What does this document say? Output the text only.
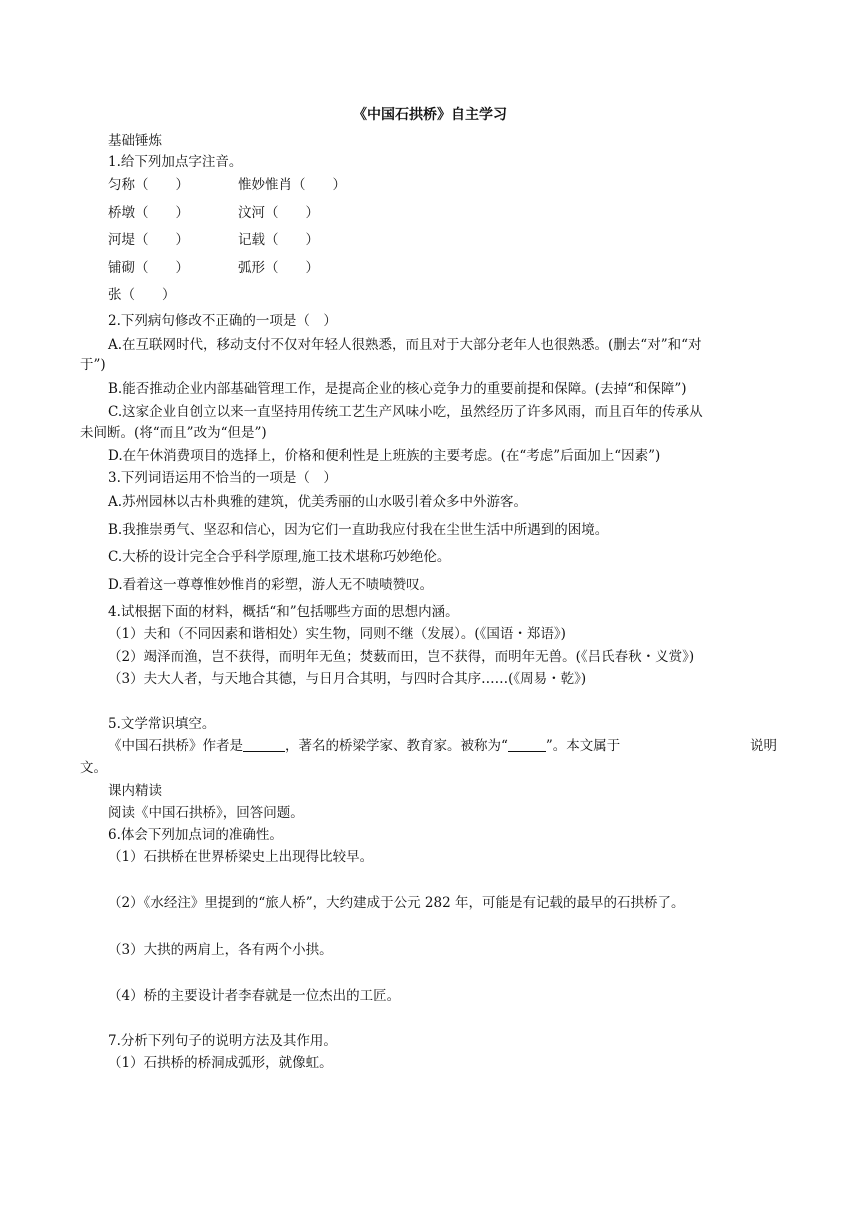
《中国石拱桥》自主学习
基础锤炼
1.给下列加点字注音。
匀称（　　）	惟妙惟肖（　　）
桥墩（　　）	汶河（　　）
河堤（　　）	记载（　　）
铺砌（　　）	弧形（　　）
张（　　）
2.下列病句修改不正确的一项是（　）
A.在互联网时代，移动支付不仅对年轻人很熟悉，而且对于大部分老年人也很熟悉。(删去“对”和“对
于”)
B.能否推动企业内部基础管理工作，是提高企业的核心竞争力的重要前提和保障。(去掉“和保障”)
C.这家企业自创立以来一直坚持用传统工艺生产风味小吃，虽然经历了许多风雨，而且百年的传承从
未间断。(将“而且”改为“但是”)
D.在午休消费项目的选择上，价格和便利性是上班族的主要考虑。(在“考虑”后面加上“因素”)
3.下列词语运用不恰当的一项是（　）
A.苏州园林以古朴典雅的建筑，优美秀丽的山水吸引着众多中外游客。
B.我推崇勇气、坚忍和信心，因为它们一直助我应付我在尘世生活中所遇到的困境。
C.大桥的设计完全合乎科学原理,施工技术堪称巧妙绝伦。
D.看着这一尊尊惟妙惟肖的彩塑，游人无不啧啧赞叹。
4.试根据下面的材料，概括“和”包括哪些方面的思想内涵。
（1）夫和（不同因素和谐相处）实生物，同则不继（发展）。(《国语・郑语》)
（2）竭泽而渔，岂不获得，而明年无鱼；焚薮而田，岂不获得，而明年无兽。(《吕氏春秋・义赏》)
（3）夫大人者，与天地合其德，与日月合其明，与四时合其序……(《周易・乾》)
5.文学常识填空。
《中国石拱桥》作者是	，著名的桥梁学家、教育家。被称为“	”。本文属于	说明
文。
课内精读
阅读《中国石拱桥》，回答问题。
6.体会下列加点词的准确性。
（1）石拱桥在世界桥梁史上出现得比较早。
（2）《水经注》里提到的“旅人桥”，大约建成于公元 282 年，可能是有记载的最早的石拱桥了。
（3）大拱的两肩上，各有两个小拱。
（4）桥的主要设计者李春就是一位杰出的工匠。
7.分析下列句子的说明方法及其作用。
（1）石拱桥的桥洞成弧形，就像虹。
